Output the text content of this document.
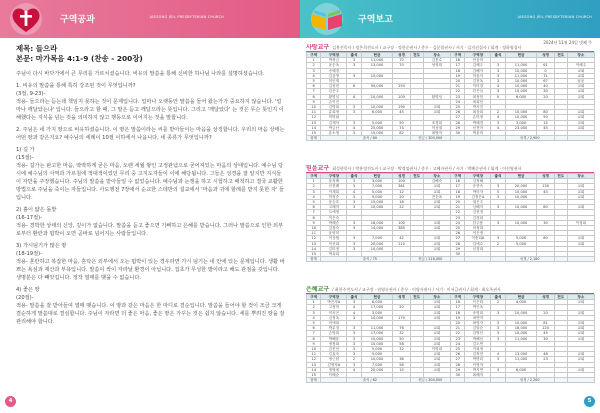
구역공과	JAESONG JEIL PRESBYTERIAN CHURCH
제목: 들으라
본문: 마가복음 4:1-9 (찬송 - 200장)
주님이 다시 바닷가에서 큰 무리를 가르치셨습니다. 비유의 말씀을 통해 신비한 하나님 나라를 설명하셨습니다.
1. 비유의 말씀을 통해 특히 강조된 것이 무엇입니까?
(3절, 9-23)-
적용- 들으라는 듣는데 책임지 못하는 것이 문제입니다. 얼마나 오랫동안 말씀을 들어 왔는가가 중요하지 않습니다. '얼마나 깨달았는냐' 입니다. 들으라고 할 때, 그 말은 듣고 깨달으라는 뜻입니다. 그리고 '깨달았다' 는 것은 무슨 뜻인지 이해했다는 지식을 넘는 것을 의미하지 않고 행동으로 이어지는 것을 말합니다.
2. 주님은 네 가지 땅으로 비유하셨습니다. 이 땅은 말씀이라는 씨를 받아들이는 마음을 상징합니다. 우리의 마음 상태는 어떤 땅과 같은지요? 예수님의 세례이 10절 이하에서 나옵니다, 네 종류가 무엇입니까?
1) 길 가
(15절)-
적용- 길가는 완고한 마음, 딱딱하게 굳은 마음, 오랜 세월 쌓인 고정관념으로 굳어져있는 마음의 상태입니다. 예수님 당시에 예수님의 사역과 가르침에 적대적이었던 무리 중 고지도자들이 이에 해당됩니다. 그들은 성경을 잘 알지만 지식들이 자만을 주장했습니다. 주님의 말씀을 받아들일 수 없었습니다. 예수님과 논쟁을 하고 시험하고 배척하고 결국 교활한 방법으로 주님을 죽이는 자들입니다. 사도행전 7장에서 순교한 스데반의 설교에서 '마음과 귀에 할례를 받지 못한 자' 들입니다.
2) 흙이 얇은 돌밭
(16-17절)-
적용- 경박한 상태의 신앙, 깊이가 없습니다. 말씀을 듣고 좋으면 기뻐하고 은혜를 받습니다. 그러나 말씀으로 인한 외부로부터 환란과 핍박이 오면 곧바로 넘어지는 사람들입니다.
3) 가시덤기가 많은 땅
(18-19절)-
적용- 혼란하고 복잡한 마음, 혼탁은 외부에서 오는 핍박이 있는 경우라면 가시 덤기는 내 안에 있는 문제입니다. 생활 바쁘는 욕심과 재산과 부욕입니다. 말씀이 싹이 자라날 환경이 아닙니다. 집초가 무성한 밭이라고 해도 관점을 갖입니다. 생명분은 다 빼앗깁니다. 정작 열매를 맺을 수 없습니다.
4) 좋은 땅
(20절)-
적용- 말씀을 잘 받아들여 열매 맺습니다. 이 땅과 같은 마음은 한 마디로 결순입니다. 말씀을 들어야 할 것이 조금 크게 결순하게 말씀대로 결심합니다. 주님이 자라면 더 좋은 마음, 좋은 땅은 가꾸는 것은 쉽지 않습니다. 세를 뿌려진 땅을 잘 관리해야 합니다.
4
구역보고	JAESONG JEIL PRESBYTERIAN CHURCH
2024년 11월 24일 넷째 주
사랑교구 김봉진목사 / 정은희전도사 / 교구장 · 정한순권사 / 총무 · 김분열권사 / 서기 · 김지선집사 / 회계 · 정하영집사
구역	구역장	출석	헌금	성경	전도	장소	구역	구역장	출석	헌금	성경	전도	장소	
1	박정금	3	11,000	70		김봉수	16	안윤미						
2	윤순옥	3	13,000	70		성영희	17	김혜주	3	11,000	61		이혜주	
3	송혜경						18	김해자	3	10,000	0		교회	
4	김윤영	3	10,000				19	허윤자	3	11,000	71		교회	
5	이인재						20	김현옥	3	10,000	67		남윤	
6	김성현	6	50,000	250			21	이미경	4	10,000	40		교회	
7	김은주						22	한은실	3	10,000	30		교회	
8	황명임	4	10,000	100		황명임	23	최정현	5	6,000	20		교회	
9	손이진						24	최희선						
10	김명희	3	10,000	190		교회	25	박서진						
11	유희정	3	6,000	45		교회	26	최상희	2	10,000	80		교회	
12	허명림						27	손미정	4	10,000	50		교회	
13	김재석	3	5,000	50		조경희	28	박혜경	3	3,000	15		교회	
14	박금난	4	25,000	74		이상권	29	신진아	4	23,000	45		교회	
15	유소영	3	15,000	82		최명자	30	박윤미						
합계		출석 / 80			헌금 / 300,000					성경 / 2,900				
믿음교구 최성현목사 / 박흥정전도사 / 교구장 · 박정임권사 / 총무 · 고혜자권사 / 서기 · 박혜순권사 / 회계 · 이선영권사
구역	구역장	출석	헌금	성경	전도	장소	구역	구역장	출석	헌금	성경	전도	장소	
1	윤정례	3	3,000	100		김해숙	16	김정혜						
2	신현례	3	7,000	361		교회	17	송현숙	3	20,000	130		교회	
3	이재희	4	5,000	12		교회	18	박미자	5	10,000	45		교회	
4	허정순	3	5,000	20		전순옥	19	김정은A	3	10,000			교회	
5	윤승호	3	15,000	18		교회	20	권은주						
6	고혜자	3	10,000	22		교회	21	심해자	3	10,000	80		교회	
7	도애영						22	김현경						
8	이은숙						23	김경희						
9	박혜순	3	16,000	100		교회	24	한주용	3	10,000	30		이경희	
10	김창숙	3	14,000	385		교회	25	어정희						
11	윤영미						26	이은정						
12	이상엽	3	7,000	42		교회	27	이충희A	3	5,000	80		교회	
13	이선희	3	20,000	110		교회	28	김애수	2	5,000			교회	
14	김미정	3	10,000			교회	29	신경희						
15	박옥희						30							
합계		출석 / 75			헌금 / 216,000					성경 / 2,180				
은혜교구 / 최한주전도사 / 교구장 · 권영숙권사 / 총무 · 이영자권사 / 서기 · 이서금권사 / 회계 · 최오옥권사
구역	구역장	출석	헌금	성경	전도	장소	구역	구역장	출석	헌금	성경	전도	장소	
1	박은자A	3	6,000			교회	16	이은화	2	4,000			교회	
2	고정미	4	17,000	20		교회	17	박인옥						
3	이서곤	4	3,000			교회	18	송명희	3	10,000	20		교회	
4	김정옥	3	10,000	170		교회	19	최연아						
5	어애희						20	최영자	3	10,000	81		교회	
6	박무경	3	11,000	76		교회	21	김말순	3	18,000	120		교회	
7	손영희	3	17,000	32		교회	22	김명신	3	10,000	45		교회	
8	박해윤	3	10,000	50		교회	23	박해선	3	11,000	30		교회	
9	정정회	3	10,000	58		교회	24	김도연						
10	김진선	3	5,000	32		이명희	25	이희정						
11	김효숙	3	5,000			교회	26	김정현	4	13,000	48		교회	
12	정근원	2	10,000	38		교회	27	박명화	3	11,000	23		교회	
13	김영자A	3	7,000	58		교회	28	이영자						
14	정영애	4	20,000	15		교회	29	박지연	3	6,000			교회	
15	이혜순						30	최혜자						
합계		출석 / 82			헌금 / 304,000					성경 / 2,200				
5
